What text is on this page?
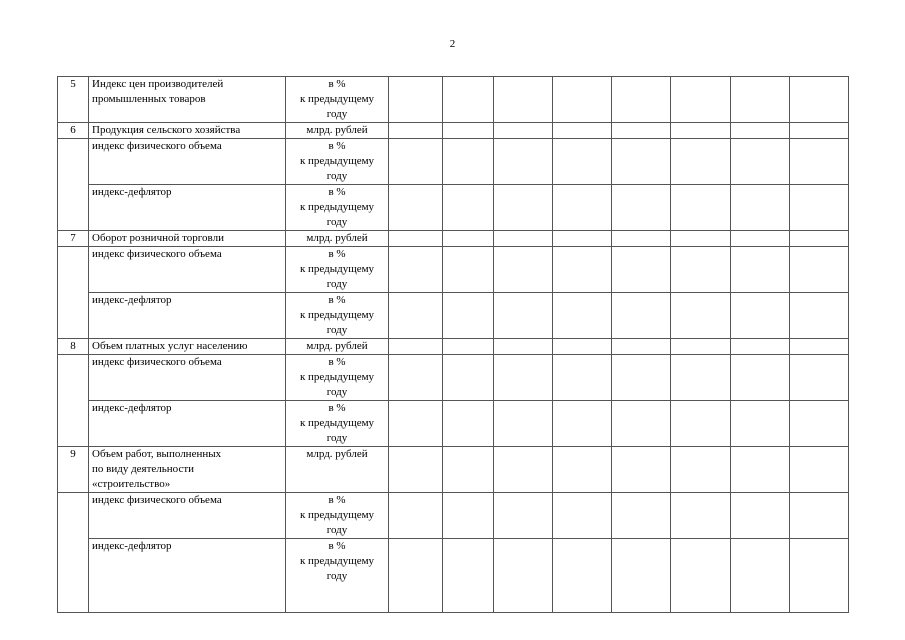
2
5	Индекс цен производителей
промышленных товаров	в %
к предыдущему
году								
6	Продукция сельского хозяйства	млрд. рублей								
	индекс физического объема	в %
к предыдущему
году								
	индекс-дефлятор	в %
к предыдущему
году								
7	Оборот розничной торговли	млрд. рублей								
	индекс физического объема	в %
к предыдущему
году								
	индекс-дефлятор	в %
к предыдущему
году								
8	Объем платных услуг населению	млрд. рублей								
	индекс физического объема	в %
к предыдущему
году								
	индекс-дефлятор	в %
к предыдущему
году								
9	Объем работ, выполненных
по виду деятельности
«строительство»	млрд. рублей								
	индекс физического объема	в %
к предыдущему
году								
	индекс-дефлятор	в %
к предыдущему
году								
